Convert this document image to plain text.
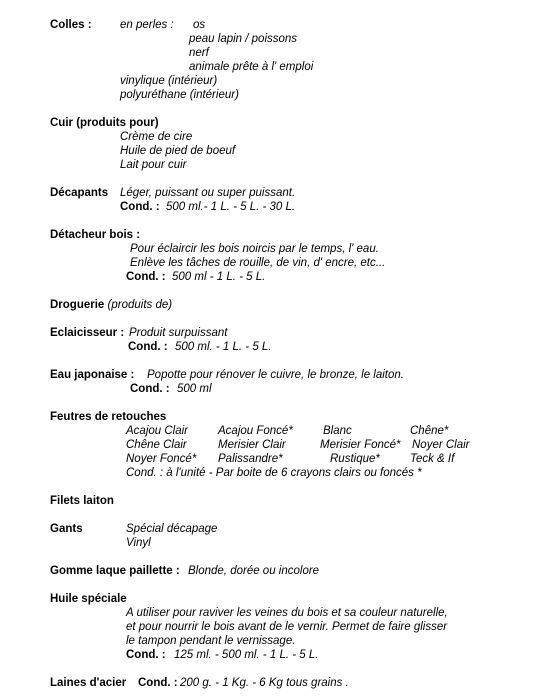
Colles : en perles : os
peau lapin / poissons
nerf
animale prête à l' emploi
vinylique (intérieur)
polyuréthane (intérieur)
Cuir (produits pour)
Crème de cire
Huile de pied de boeuf
Lait pour cuir
Décapants Léger, puissant ou super puissant.
Cond. : 500 ml.- 1 L. - 5 L. - 30 L.
Détacheur bois :
Pour éclaircir les bois noircis par le temps, l' eau.
Enlève les tâches de rouille, de vin, d' encre, etc...
Cond. : 500 ml - 1 L. - 5 L.
Droguerie (produits de)
Eclaicisseur : Produit surpuissant
Cond. : 500 ml. - 1 L. - 5 L.
Eau japonaise : Popotte pour rénover le cuivre, le bronze, le laiton.
Cond. : 500 ml
Feutres de retouches
Acajou Clair	Acajou Foncé*	Blanc	Chêne*
Chêne Clair	Merisier Clair	Merisier Foncé* Noyer Clair
Noyer Foncé* Palissandre*	Rustique*	Teck & If
Cond. : à l'unité - Par boite de 6 crayons clairs ou foncés *
Filets laiton
Gants	Spécial décapage
Vinyl
Gomme laque paillette : Blonde, dorée ou incolore
Huile spéciale
A utiliser pour raviver les veines du bois et sa couleur naturelle,
et pour nourrir le bois avant de le vernir. Permet de faire glisser
le tampon pendant le vernissage.
Cond. : 125 ml. - 500 ml. - 1 L. - 5 L.
Laines d'acier Cond. : 200 g. - 1 Kg. - 6 Kg tous grains .
